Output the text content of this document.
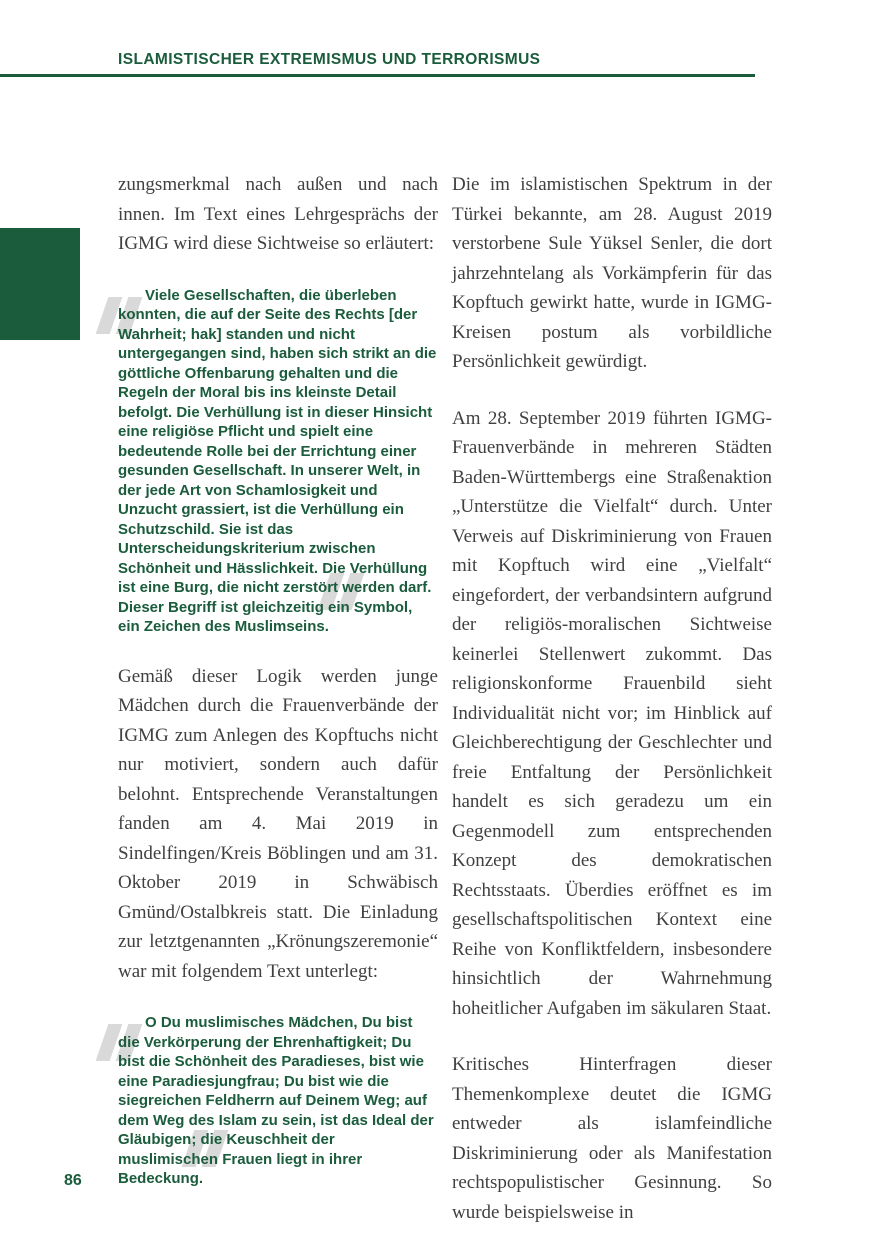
ISLAMISTISCHER EXTREMISMUS UND TERRORISMUS

zungsmerkmal nach außen und nach innen. Im Text eines Lehrgesprächs der IGMG wird diese Sichtweise so erläutert:

Viele Gesellschaften, die überleben konnten, die auf der Seite des Rechts [der Wahrheit; hak] standen und nicht untergegangen sind, haben sich strikt an die göttliche Offenbarung gehalten und die Regeln der Moral bis ins kleinste Detail befolgt. Die Verhüllung ist in dieser Hinsicht eine religiöse Pflicht und spielt eine bedeutende Rolle bei der Errichtung einer gesunden Gesellschaft. In unserer Welt, in der jede Art von Schamlosigkeit und Unzucht grassiert, ist die Verhüllung ein Schutzschild. Sie ist das Unterscheidungskriterium zwischen Schönheit und Hässlichkeit. Die Verhüllung ist eine Burg, die nicht zerstört werden darf. Dieser Begriff ist gleichzeitig ein Symbol, ein Zeichen des Muslimseins.

Gemäß dieser Logik werden junge Mädchen durch die Frauenverbände der IGMG zum Anlegen des Kopftuchs nicht nur motiviert, sondern auch dafür belohnt. Entsprechende Veranstaltungen fanden am 4. Mai 2019 in Sindelfingen/Kreis Böblingen und am 31. Oktober 2019 in Schwäbisch Gmünd/Ostalbkreis statt. Die Einladung zur letztgenannten „Krönungszeremonie“ war mit folgendem Text unterlegt:

O Du muslimisches Mädchen, Du bist die Verkörperung der Ehrenhaftigkeit; Du bist die Schönheit des Paradieses, bist wie eine Paradiesjungfrau; Du bist wie die siegreichen Feldherrn auf Deinem Weg; auf dem Weg des Islam zu sein, ist das Ideal der Gläubigen; die Keuschheit der muslimischen Frauen liegt in ihrer Bedeckung.

Die im islamistischen Spektrum in der Türkei bekannte, am 28. August 2019 verstorbene Sule Yüksel Senler, die dort jahrzehntelang als Vorkämpferin für das Kopftuch gewirkt hatte, wurde in IGMG-Kreisen postum als vorbildliche Persönlichkeit gewürdigt.

Am 28. September 2019 führten IGMG-Frauenverbände in mehreren Städten Baden-Württembergs eine Straßenaktion „Unterstütze die Vielfalt“ durch. Unter Verweis auf Diskriminierung von Frauen mit Kopftuch wird eine „Vielfalt“ eingefordert, der verbandsintern aufgrund der religiös-moralischen Sichtweise keinerlei Stellenwert zukommt. Das religionskonforme Frauenbild sieht Individualität nicht vor; im Hinblick auf Gleichberechtigung der Geschlechter und freie Entfaltung der Persönlichkeit handelt es sich geradezu um ein Gegenmodell zum entsprechenden Konzept des demokratischen Rechtsstaats. Überdies eröffnet es im gesellschaftspolitischen Kontext eine Reihe von Konfliktfeldern, insbesondere hinsichtlich der Wahrnehmung hoheitlicher Aufgaben im säkularen Staat.

Kritisches Hinterfragen dieser Themenkomplexe deutet die IGMG entweder als islamfeindliche Diskriminierung oder als Manifestation rechtspopulistischer Gesinnung. So wurde beispielsweise in

86
